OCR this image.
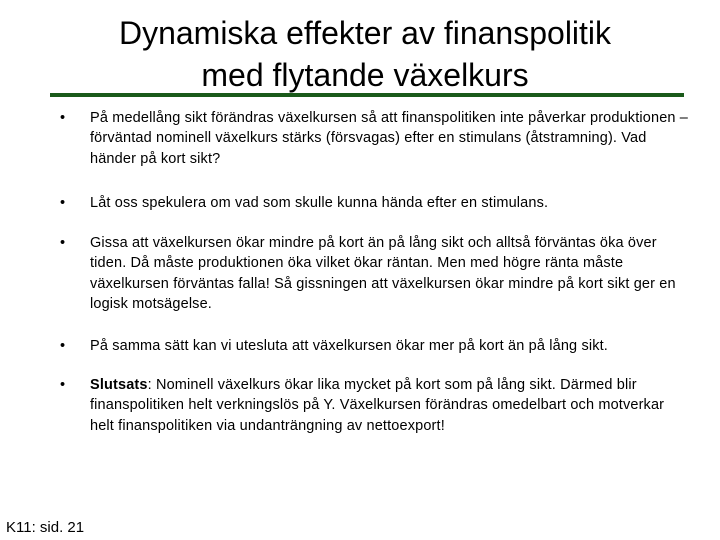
Dynamiska effekter av finanspolitik
med flytande växelkurs
•	På medellång sikt förändras växelkursen så att finanspolitiken inte påverkar produktionen – förväntad nominell växelkurs stärks (försvagas) efter en stimulans (åtstramning). Vad händer på kort sikt?
•	Låt oss spekulera om vad som skulle kunna hända efter en stimulans.
•	Gissa att växelkursen ökar mindre på kort än på lång sikt och alltså förväntas öka över tiden. Då måste produktionen öka vilket ökar räntan. Men med högre ränta måste växelkursen förväntas falla! Så gissningen att växelkursen ökar mindre på kort sikt ger en logisk motsägelse.
•	På samma sätt kan vi utesluta att växelkursen ökar mer på kort än på lång sikt.
•	Slutsats: Nominell växelkurs ökar lika mycket på kort som på lång sikt. Därmed blir finanspolitiken helt verkningslös på Y. Växelkursen förändras omedelbart och motverkar helt finanspolitiken via undanträngning av nettoexport!
K11: sid. 21
